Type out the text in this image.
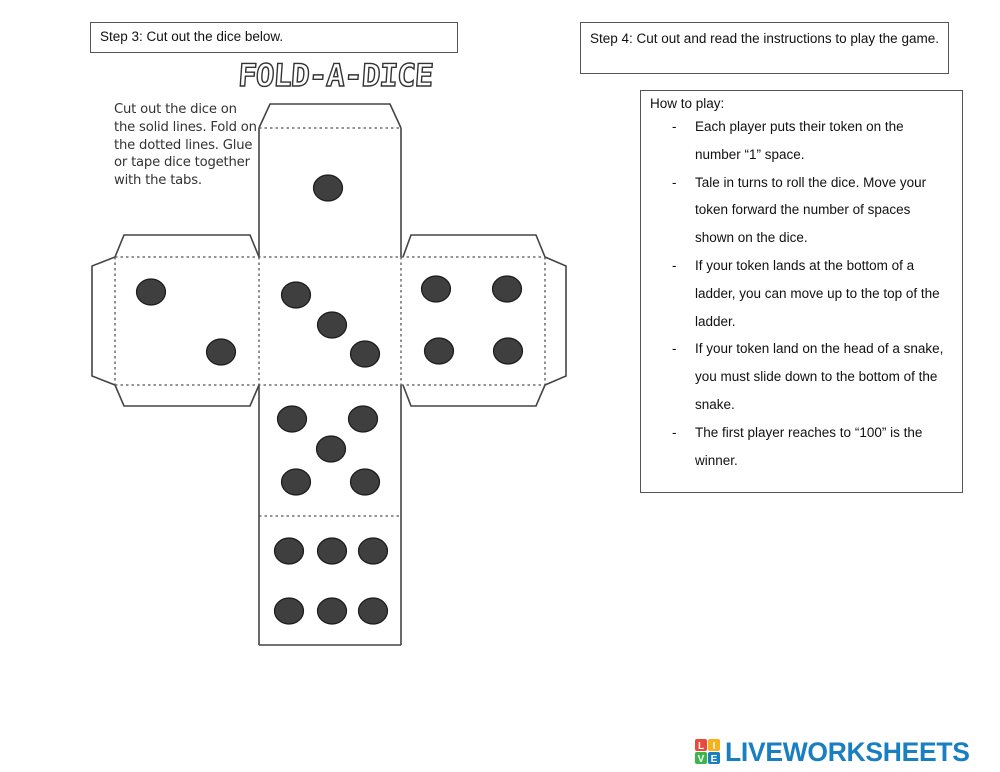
Step 3: Cut out the dice below.	Step 4: Cut out and read the instructions to play the game.
FOLD-A-DICE
Cut out the dice on the solid lines. Fold on the dotted lines. Glue or tape dice together with the tabs.
How to play:
- Each player puts their token on the number “1” space.
- Tale in turns to roll the dice. Move your token forward the number of spaces shown on the dice.
- If your token lands at the bottom of a ladder, you can move up to the top of the ladder.
- If your token land on the head of a snake, you must slide down to the bottom of the snake.
- The first player reaches to “100” is the winner.
L I
V E LIVEWORKSHEETS
